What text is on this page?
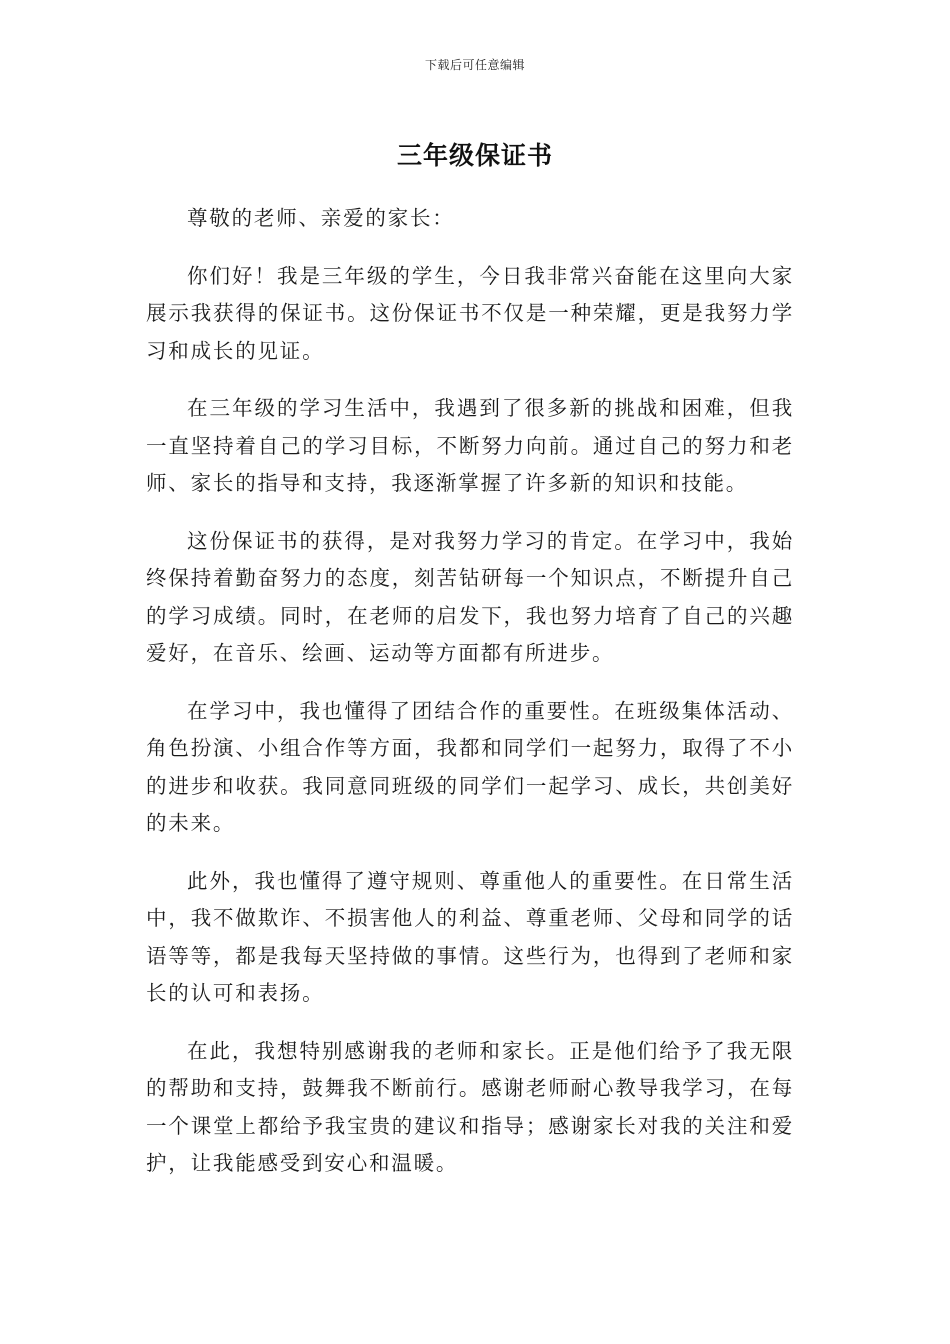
下载后可任意编辑
三年级保证书

尊敬的老师、亲爱的家长：

你们好！我是三年级的学生，今日我非常兴奋能在这里向大家展示我获得的保证书。这份保证书不仅是一种荣耀，更是我努力学习和成长的见证。

在三年级的学习生活中，我遇到了很多新的挑战和困难，但我一直坚持着自己的学习目标，不断努力向前。通过自己的努力和老师、家长的指导和支持，我逐渐掌握了许多新的知识和技能。

这份保证书的获得，是对我努力学习的肯定。在学习中，我始终保持着勤奋努力的态度，刻苦钻研每一个知识点，不断提升自己的学习成绩。同时，在老师的启发下，我也努力培育了自己的兴趣爱好，在音乐、绘画、运动等方面都有所进步。

在学习中，我也懂得了团结合作的重要性。在班级集体活动、角色扮演、小组合作等方面，我都和同学们一起努力，取得了不小的进步和收获。我同意同班级的同学们一起学习、成长，共创美好的未来。

此外，我也懂得了遵守规则、尊重他人的重要性。在日常生活中，我不做欺诈、不损害他人的利益、尊重老师、父母和同学的话语等等，都是我每天坚持做的事情。这些行为，也得到了老师和家长的认可和表扬。

在此，我想特别感谢我的老师和家长。正是他们给予了我无限的帮助和支持，鼓舞我不断前行。感谢老师耐心教导我学习，在每一个课堂上都给予我宝贵的建议和指导；感谢家长对我的关注和爱护，让我能感受到安心和温暖。
